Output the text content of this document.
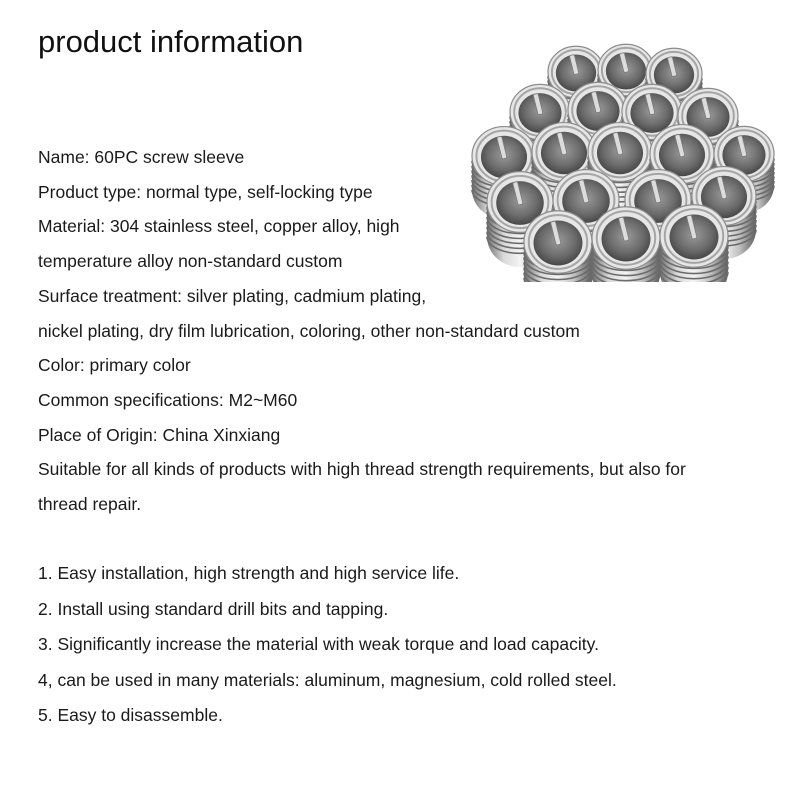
product information
Name: 60PC screw sleeve
Product type: normal type, self-locking type
Material: 304 stainless steel, copper alloy, high
temperature alloy non-standard custom
Surface treatment: silver plating, cadmium plating,
nickel plating, dry film lubrication, coloring, other non-standard custom
Color: primary color
Common specifications: M2~M60
Place of Origin: China Xinxiang
Suitable for all kinds of products with high thread strength requirements, but also for
thread repair.
1. Easy installation, high strength and high service life.
2. Install using standard drill bits and tapping.
3. Significantly increase the material with weak torque and load capacity.
4, can be used in many materials: aluminum, magnesium, cold rolled steel.
5. Easy to disassemble.
